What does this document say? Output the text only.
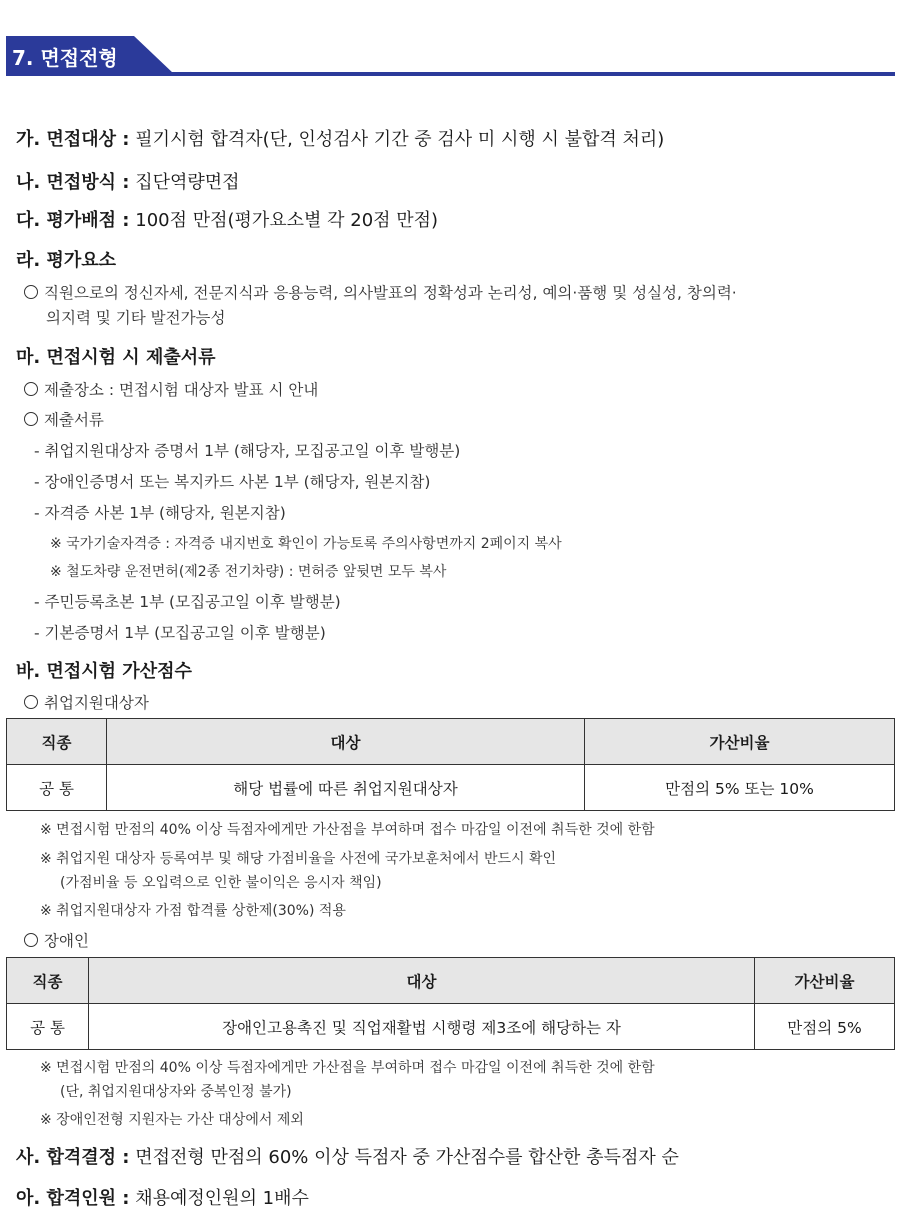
7. 면접전형
가. 면접대상 : 필기시험 합격자(단, 인성검사 기간 중 검사 미 시행 시 불합격 처리)
나. 면접방식 : 집단역량면접
다. 평가배점 : 100점 만점(평가요소별 각 20점 만점)
라. 평가요소
직원으로의 정신자세, 전문지식과 응용능력, 의사발표의 정확성과 논리성, 예의·품행 및 성실성, 창의력·
의지력 및 기타 발전가능성
마. 면접시험 시 제출서류
제출장소 : 면접시험 대상자 발표 시 안내
제출서류
- 취업지원대상자 증명서 1부 (해당자, 모집공고일 이후 발행분)
- 장애인증명서 또는 복지카드 사본 1부 (해당자, 원본지참)
- 자격증 사본 1부 (해당자, 원본지참)
※ 국가기술자격증 : 자격증 내지번호 확인이 가능토록 주의사항면까지 2페이지 복사
※ 철도차량 운전면허(제2종 전기차량) : 면허증 앞뒷면 모두 복사
- 주민등록초본 1부 (모집공고일 이후 발행분)
- 기본증명서 1부 (모집공고일 이후 발행분)
바. 면접시험 가산점수
취업지원대상자
직종	대상	가산비율
공 통	해당 법률에 따른 취업지원대상자	만점의 5% 또는 10%
※ 면접시험 만점의 40% 이상 득점자에게만 가산점을 부여하며 접수 마감일 이전에 취득한 것에 한함
※ 취업지원 대상자 등록여부 및 해당 가점비율을 사전에 국가보훈처에서 반드시 확인
(가점비율 등 오입력으로 인한 불이익은 응시자 책임)
※ 취업지원대상자 가점 합격률 상한제(30%) 적용
장애인
직종	대상	가산비율
공 통	장애인고용촉진 및 직업재활법 시행령 제3조에 해당하는 자	만점의 5%
※ 면접시험 만점의 40% 이상 득점자에게만 가산점을 부여하며 접수 마감일 이전에 취득한 것에 한함
(단, 취업지원대상자와 중복인정 불가)
※ 장애인전형 지원자는 가산 대상에서 제외
사. 합격결정 : 면접전형 만점의 60% 이상 득점자 중 가산점수를 합산한 총득점자 순
아. 합격인원 : 채용예정인원의 1배수
